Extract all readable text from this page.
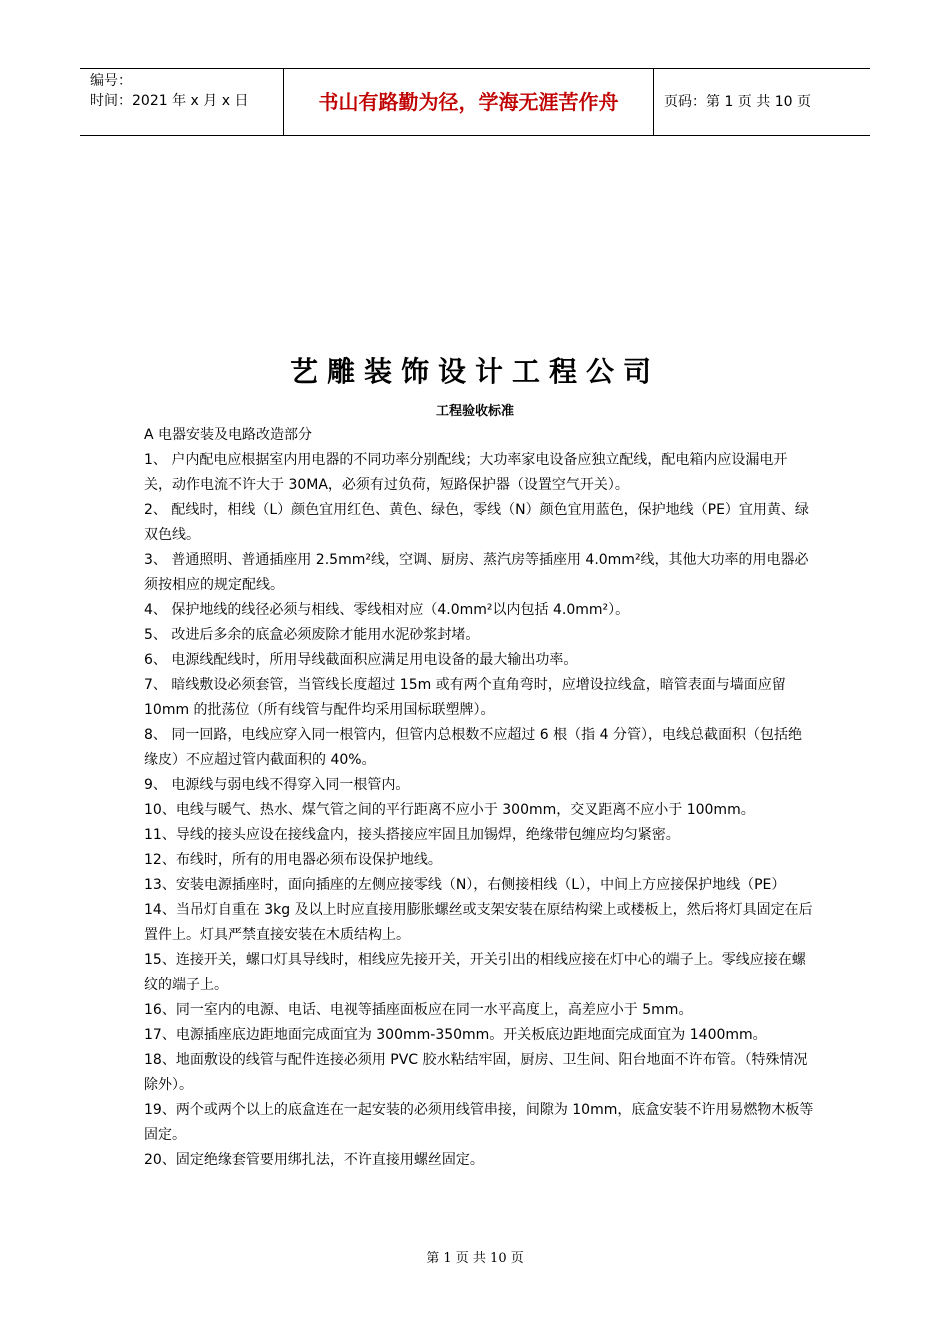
编号：
时间：2021 年 x 月 x 日	书山有路勤为径，学海无涯苦作舟	页码：第 1 页 共 10 页
艺雕装饰设计工程公司
工程验收标准
A 电器安装及电路改造部分

1、 户内配电应根据室内用电器的不同功率分别配线；大功率家电设备应独立配线，配电箱内应设漏电开关，动作电流不许大于 30MA，必须有过负荷，短路保护器（设置空气开关）。

2、 配线时，相线（L）颜色宜用红色、黄色、绿色，零线（N）颜色宜用蓝色，保护地线（PE）宜用黄、绿双色线。

3、 普通照明、普通插座用 2.5mm²线，空调、厨房、蒸汽房等插座用 4.0mm²线，其他大功率的用电器必须按相应的规定配线。

4、 保护地线的线径必须与相线、零线相对应（4.0mm²以内包括 4.0mm²）。

5、 改进后多余的底盒必须废除才能用水泥砂浆封堵。

6、 电源线配线时，所用导线截面积应满足用电设备的最大输出功率。

7、 暗线敷设必须套管，当管线长度超过 15m 或有两个直角弯时，应增设拉线盒，暗管表面与墙面应留 10mm 的批荡位（所有线管与配件均采用国标联塑牌）。

8、 同一回路，电线应穿入同一根管内，但管内总根数不应超过 6 根（指 4 分管），电线总截面积（包括绝缘皮）不应超过管内截面积的 40%。

9、 电源线与弱电线不得穿入同一根管内。

10、电线与暖气、热水、煤气管之间的平行距离不应小于 300mm，交叉距离不应小于 100mm。

11、导线的接头应设在接线盒内，接头搭接应牢固且加锡焊，绝缘带包缠应均匀紧密。

12、布线时，所有的用电器必须布设保护地线。

13、安装电源插座时，面向插座的左侧应接零线（N），右侧接相线（L），中间上方应接保护地线（PE）

14、当吊灯自重在 3kg 及以上时应直接用膨胀螺丝或支架安装在原结构梁上或楼板上，然后将灯具固定在后置件上。灯具严禁直接安装在木质结构上。

15、连接开关，螺口灯具导线时，相线应先接开关，开关引出的相线应接在灯中心的端子上。零线应接在螺纹的端子上。

16、同一室内的电源、电话、电视等插座面板应在同一水平高度上，高差应小于 5mm。

17、电源插座底边距地面完成面宜为 300mm-350mm。开关板底边距地面完成面宜为 1400mm。

18、地面敷设的线管与配件连接必须用 PVC 胶水粘结牢固，厨房、卫生间、阳台地面不许布管。（特殊情况除外）。

19、两个或两个以上的底盒连在一起安装的必须用线管串接，间隙为 10mm，底盒安装不许用易燃物木板等固定。

20、固定绝缘套管要用绑扎法，不许直接用螺丝固定。

第 1 页 共 10 页
